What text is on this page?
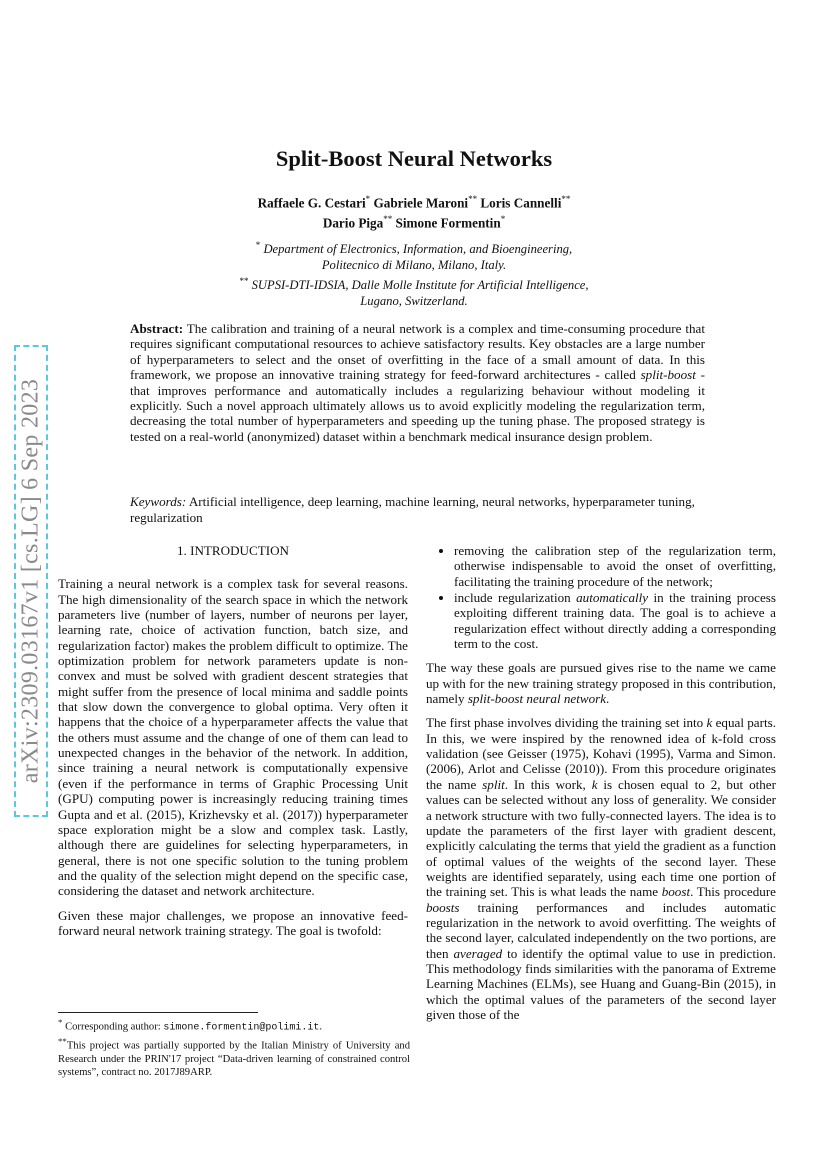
arXiv:2309.03167v1 [cs.LG] 6 Sep 2023
Split-Boost Neural Networks
Raffaele G. Cestari* Gabriele Maroni** Loris Cannelli**
Dario Piga** Simone Formentin*
* Department of Electronics, Information, and Bioengineering,
Politecnico di Milano, Milano, Italy.
** SUPSI-DTI-IDSIA, Dalle Molle Institute for Artificial Intelligence,
Lugano, Switzerland.
Abstract: The calibration and training of a neural network is a complex and time-consuming procedure that requires significant computational resources to achieve satisfactory results. Key obstacles are a large number of hyperparameters to select and the onset of overfitting in the face of a small amount of data. In this framework, we propose an innovative training strategy for feed-forward architectures - called split-boost - that improves performance and automatically includes a regularizing behaviour without modeling it explicitly. Such a novel approach ultimately allows us to avoid explicitly modeling the regularization term, decreasing the total number of hyperparameters and speeding up the tuning phase. The proposed strategy is tested on a real-world (anonymized) dataset within a benchmark medical insurance design problem.
Keywords: Artificial intelligence, deep learning, machine learning, neural networks, hyperparameter tuning, regularization
1. INTRODUCTION

Training a neural network is a complex task for several reasons. The high dimensionality of the search space in which the network parameters live (number of layers, number of neurons per layer, learning rate, choice of activation function, batch size, and regularization factor) makes the problem difficult to optimize. The optimization problem for network parameters update is non-convex and must be solved with gradient descent strategies that might suffer from the presence of local minima and saddle points that slow down the convergence to global optima. Very often it happens that the choice of a hyperparameter affects the value that the others must assume and the change of one of them can lead to unexpected changes in the behavior of the network. In addition, since training a neural network is computationally expensive (even if the performance in terms of Graphic Processing Unit (GPU) computing power is increasingly reducing training times Gupta and et al. (2015), Krizhevsky et al. (2017)) hyperparameter space exploration might be a slow and complex task. Lastly, although there are guidelines for selecting hyperparameters, in general, there is not one specific solution to the tuning problem and the quality of the selection might depend on the specific case, considering the dataset and network architecture.

Given these major challenges, we propose an innovative feed-forward neural network training strategy. The goal is twofold:

• removing the calibration step of the regularization term, otherwise indispensable to avoid the onset of overfitting, facilitating the training procedure of the network;
• include regularization automatically in the training process exploiting different training data. The goal is to achieve a regularization effect without directly adding a corresponding term to the cost.

The way these goals are pursued gives rise to the name we came up with for the new training strategy proposed in this contribution, namely split-boost neural network.

The first phase involves dividing the training set into k equal parts. In this, we were inspired by the renowned idea of k-fold cross validation (see Geisser (1975), Kohavi (1995), Varma and Simon. (2006), Arlot and Celisse (2010)). From this procedure originates the name split. In this work, k is chosen equal to 2, but other values can be selected without any loss of generality. We consider a network structure with two fully-connected layers. The idea is to update the parameters of the first layer with gradient descent, explicitly calculating the terms that yield the gradient as a function of optimal values of the weights of the second layer. These weights are identified separately, using each time one portion of the training set. This is what leads the name boost. This procedure boosts training performances and includes automatic regularization in the network to avoid overfitting. The weights of the second layer, calculated independently on the two portions, are then averaged to identify the optimal value to use in prediction. This methodology finds similarities with the panorama of Extreme Learning Machines (ELMs), see Huang and Guang-Bin (2015), in which the optimal values of the parameters of the second layer given those of the

* Corresponding author: simone.formentin@polimi.it.
**This project was partially supported by the Italian Ministry of University and Research under the PRIN'17 project “Data-driven learning of constrained control systems”, contract no. 2017J89ARP.
